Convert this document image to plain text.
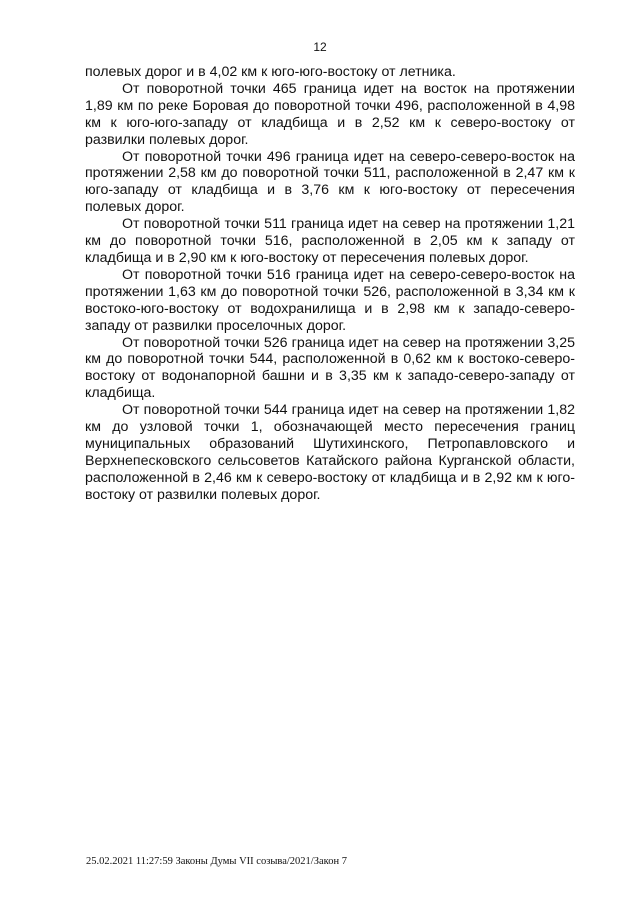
12

полевых дорог и в 4,02 км к юго-юго-востоку от летника.

От поворотной точки 465 граница идет на восток на протяжении 1,89 км по реке Боровая до поворотной точки 496, расположенной в 4,98 км к юго-юго-западу от кладбища и в 2,52 км к северо-востоку от развилки полевых дорог.

От поворотной точки 496 граница идет на северо-северо-восток на протяжении 2,58 км до поворотной точки 511, расположенной в 2,47 км к юго-западу от кладбища и в 3,76 км к юго-востоку от пересечения полевых дорог.

От поворотной точки 511 граница идет на север на протяжении 1,21 км до поворотной точки 516, расположенной в 2,05 км к западу от кладбища и в 2,90 км к юго-востоку от пересечения полевых дорог.

От поворотной точки 516 граница идет на северо-северо-восток на протяжении 1,63 км до поворотной точки 526, расположенной в 3,34 км к востоко-юго-востоку от водохранилища и в 2,98 км к западо-северо-западу от развилки проселочных дорог.

От поворотной точки 526 граница идет на север на протяжении 3,25 км до поворотной точки 544, расположенной в 0,62 км к востоко-северо-востоку от водонапорной башни и в 3,35 км к западо-северо-западу от кладбища.

От поворотной точки 544 граница идет на север на протяжении 1,82 км до узловой точки 1, обозначающей место пересечения границ муниципальных образований Шутихинского, Петропавловского и Верхнепесковского сельсоветов Катайского района Курганской области, расположенной в 2,46 км к северо-востоку от кладбища и в 2,92 км к юго-востоку от развилки полевых дорог.

25.02.2021 11:27:59 Законы Думы VII созыва/2021/Закон 7
